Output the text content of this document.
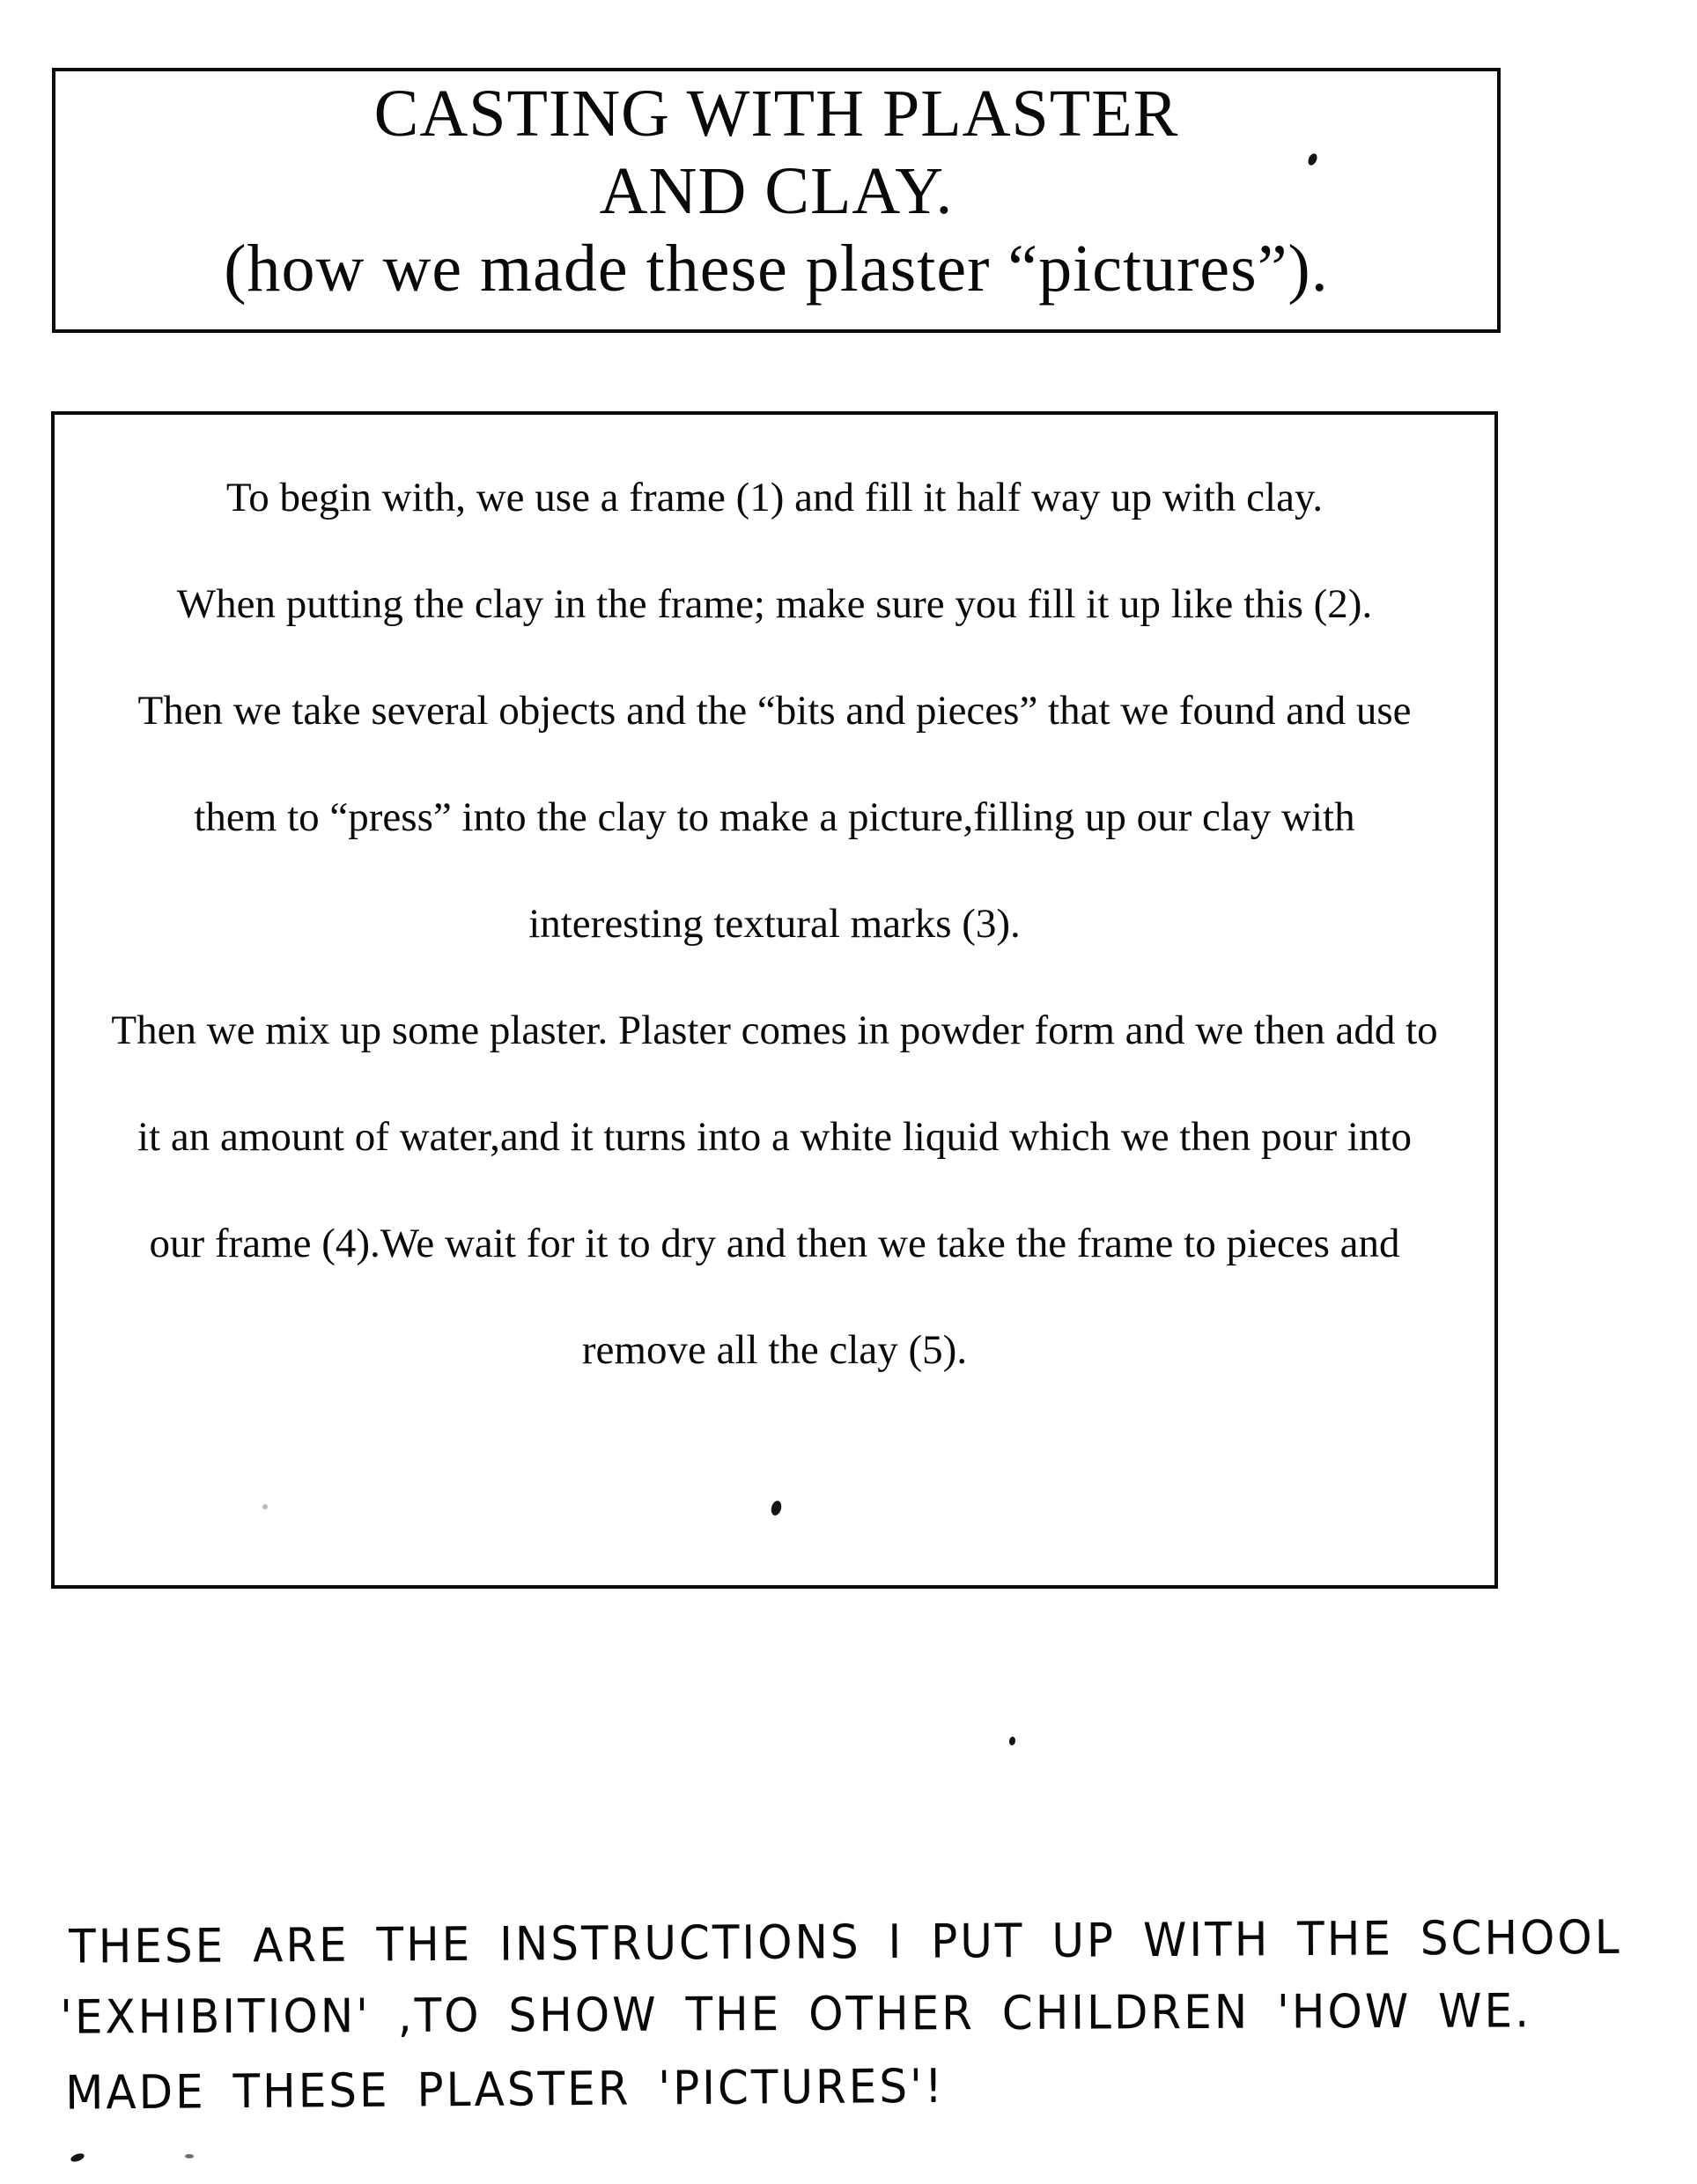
CASTING WITH PLASTER
AND CLAY.
(how we made these plaster “pictures”).
To begin with, we use a frame (1) and fill it half way up with clay.
When putting the clay in the frame; make sure you fill it up like this (2).
Then we take several objects and the “bits and pieces” that we found and use
them to “press” into the clay to make a picture,filling up our clay with
interesting textural marks (3).
Then we mix up some plaster. Plaster comes in powder form and we then add to
it an amount of water,and it turns into a white liquid which we then pour into
our frame (4).We wait for it to dry and then we take the frame to pieces and
remove all the clay (5).
THESE ARE THE INSTRUCTIONS I PUT UP WITH THE SCHOOL
'EXHIBITION' ,TO SHOW THE OTHER CHILDREN 'HOW WE.
MADE THESE PLASTER 'PICTURES'!
